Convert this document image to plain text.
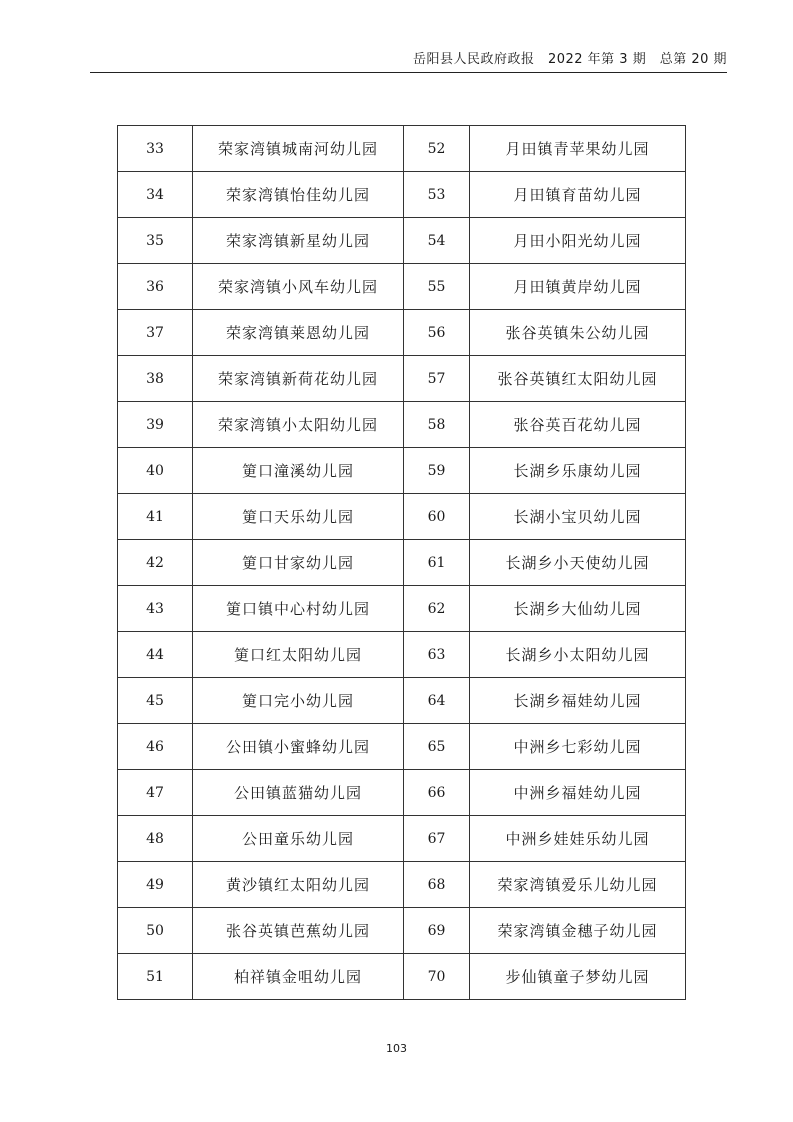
岳阳县人民政府政报　2022 年第 3 期　总第 20 期
33	荣家湾镇城南河幼儿园	52	月田镇青苹果幼儿园
34	荣家湾镇怡佳幼儿园	53	月田镇育苗幼儿园
35	荣家湾镇新星幼儿园	54	月田小阳光幼儿园
36	荣家湾镇小风车幼儿园	55	月田镇黄岸幼儿园
37	荣家湾镇莱恩幼儿园	56	张谷英镇朱公幼儿园
38	荣家湾镇新荷花幼儿园	57	张谷英镇红太阳幼儿园
39	荣家湾镇小太阳幼儿园	58	张谷英百花幼儿园
40	筻口潼溪幼儿园	59	长湖乡乐康幼儿园
41	筻口天乐幼儿园	60	长湖小宝贝幼儿园
42	筻口甘家幼儿园	61	长湖乡小天使幼儿园
43	筻口镇中心村幼儿园	62	长湖乡大仙幼儿园
44	筻口红太阳幼儿园	63	长湖乡小太阳幼儿园
45	筻口完小幼儿园	64	长湖乡福娃幼儿园
46	公田镇小蜜蜂幼儿园	65	中洲乡七彩幼儿园
47	公田镇蓝猫幼儿园	66	中洲乡福娃幼儿园
48	公田童乐幼儿园	67	中洲乡娃娃乐幼儿园
49	黄沙镇红太阳幼儿园	68	荣家湾镇爱乐儿幼儿园
50	张谷英镇芭蕉幼儿园	69	荣家湾镇金穗子幼儿园
51	柏祥镇金咀幼儿园	70	步仙镇童子梦幼儿园
103
